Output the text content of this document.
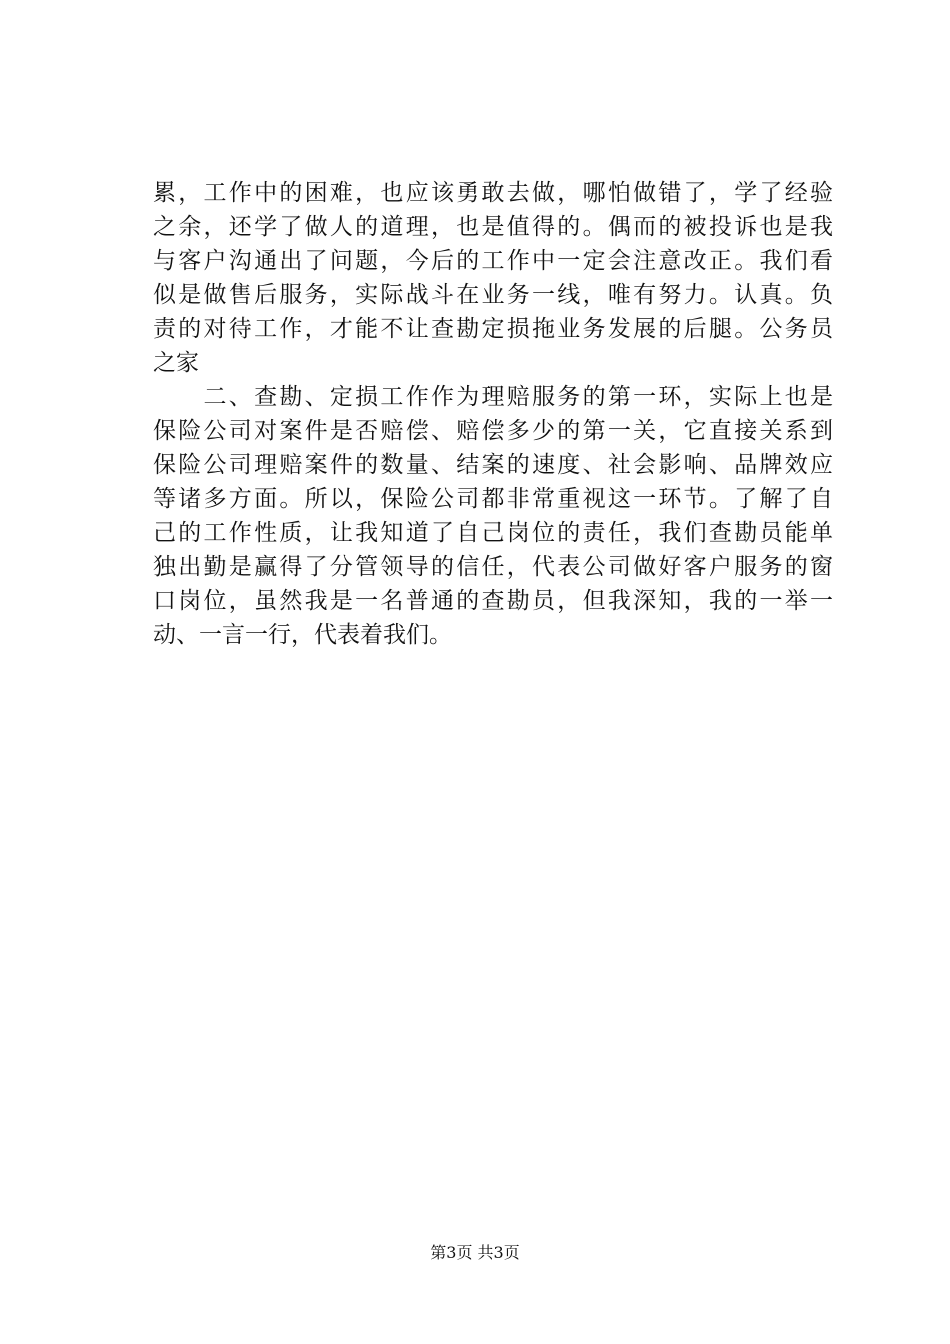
累，工作中的困难，也应该勇敢去做，哪怕做错了，学了经验
之余，还学了做人的道理，也是值得的。偶而的被投诉也是我
与客户沟通出了问题，今后的工作中一定会注意改正。我们看
似是做售后服务，实际战斗在业务一线，唯有努力。认真。负
责的对待工作，才能不让查勘定损拖业务发展的后腿。公务员
之家
　　二、查勘、定损工作作为理赔服务的第一环，实际上也是
保险公司对案件是否赔偿、赔偿多少的第一关，它直接关系到
保险公司理赔案件的数量、结案的速度、社会影响、品牌效应
等诸多方面。所以，保险公司都非常重视这一环节。了解了自
己的工作性质，让我知道了自己岗位的责任，我们查勘员能单
独出勤是赢得了分管领导的信任，代表公司做好客户服务的窗
口岗位，虽然我是一名普通的查勘员，但我深知，我的一举一
动、一言一行，代表着我们。
第3页 共3页
